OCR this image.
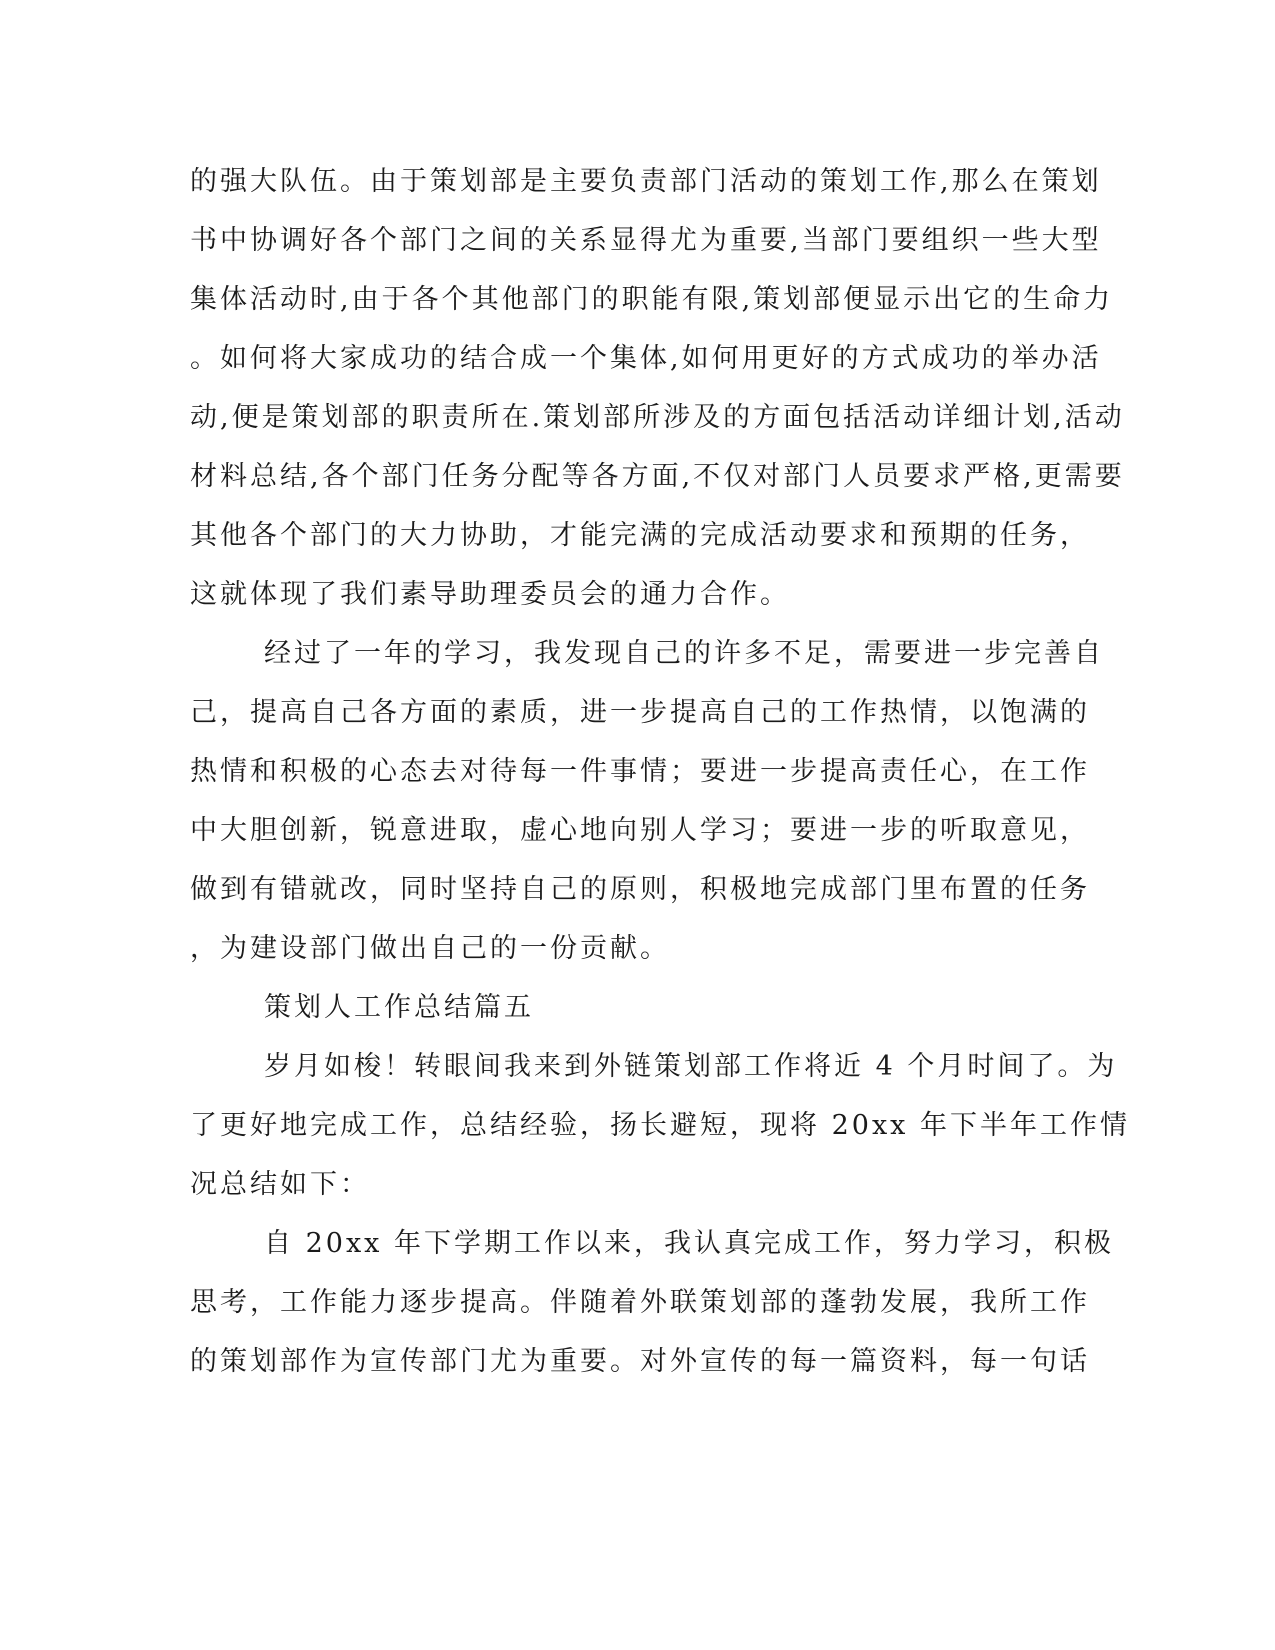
的强大队伍。由于策划部是主要负责部门活动的策划工作,那么在策划
书中协调好各个部门之间的关系显得尤为重要,当部门要组织一些大型
集体活动时,由于各个其他部门的职能有限,策划部便显示出它的生命力
。如何将大家成功的结合成一个集体,如何用更好的方式成功的举办活
动,便是策划部的职责所在.策划部所涉及的方面包括活动详细计划,活动
材料总结,各个部门任务分配等各方面,不仅对部门人员要求严格,更需要
其他各个部门的大力协助，才能完满的完成活动要求和预期的任务，
这就体现了我们素导助理委员会的通力合作。
经过了一年的学习，我发现自己的许多不足，需要进一步完善自
己，提高自己各方面的素质，进一步提高自己的工作热情，以饱满的
热情和积极的心态去对待每一件事情；要进一步提高责任心，在工作
中大胆创新，锐意进取，虚心地向别人学习；要进一步的听取意见，
做到有错就改，同时坚持自己的原则，积极地完成部门里布置的任务
，为建设部门做出自己的一份贡献。
策划人工作总结篇五
岁月如梭！转眼间我来到外链策划部工作将近 4 个月时间了。为
了更好地完成工作，总结经验，扬长避短，现将 20xx 年下半年工作情
况总结如下：
自 20xx 年下学期工作以来，我认真完成工作，努力学习，积极
思考，工作能力逐步提高。伴随着外联策划部的蓬勃发展，我所工作
的策划部作为宣传部门尤为重要。对外宣传的每一篇资料，每一句话
